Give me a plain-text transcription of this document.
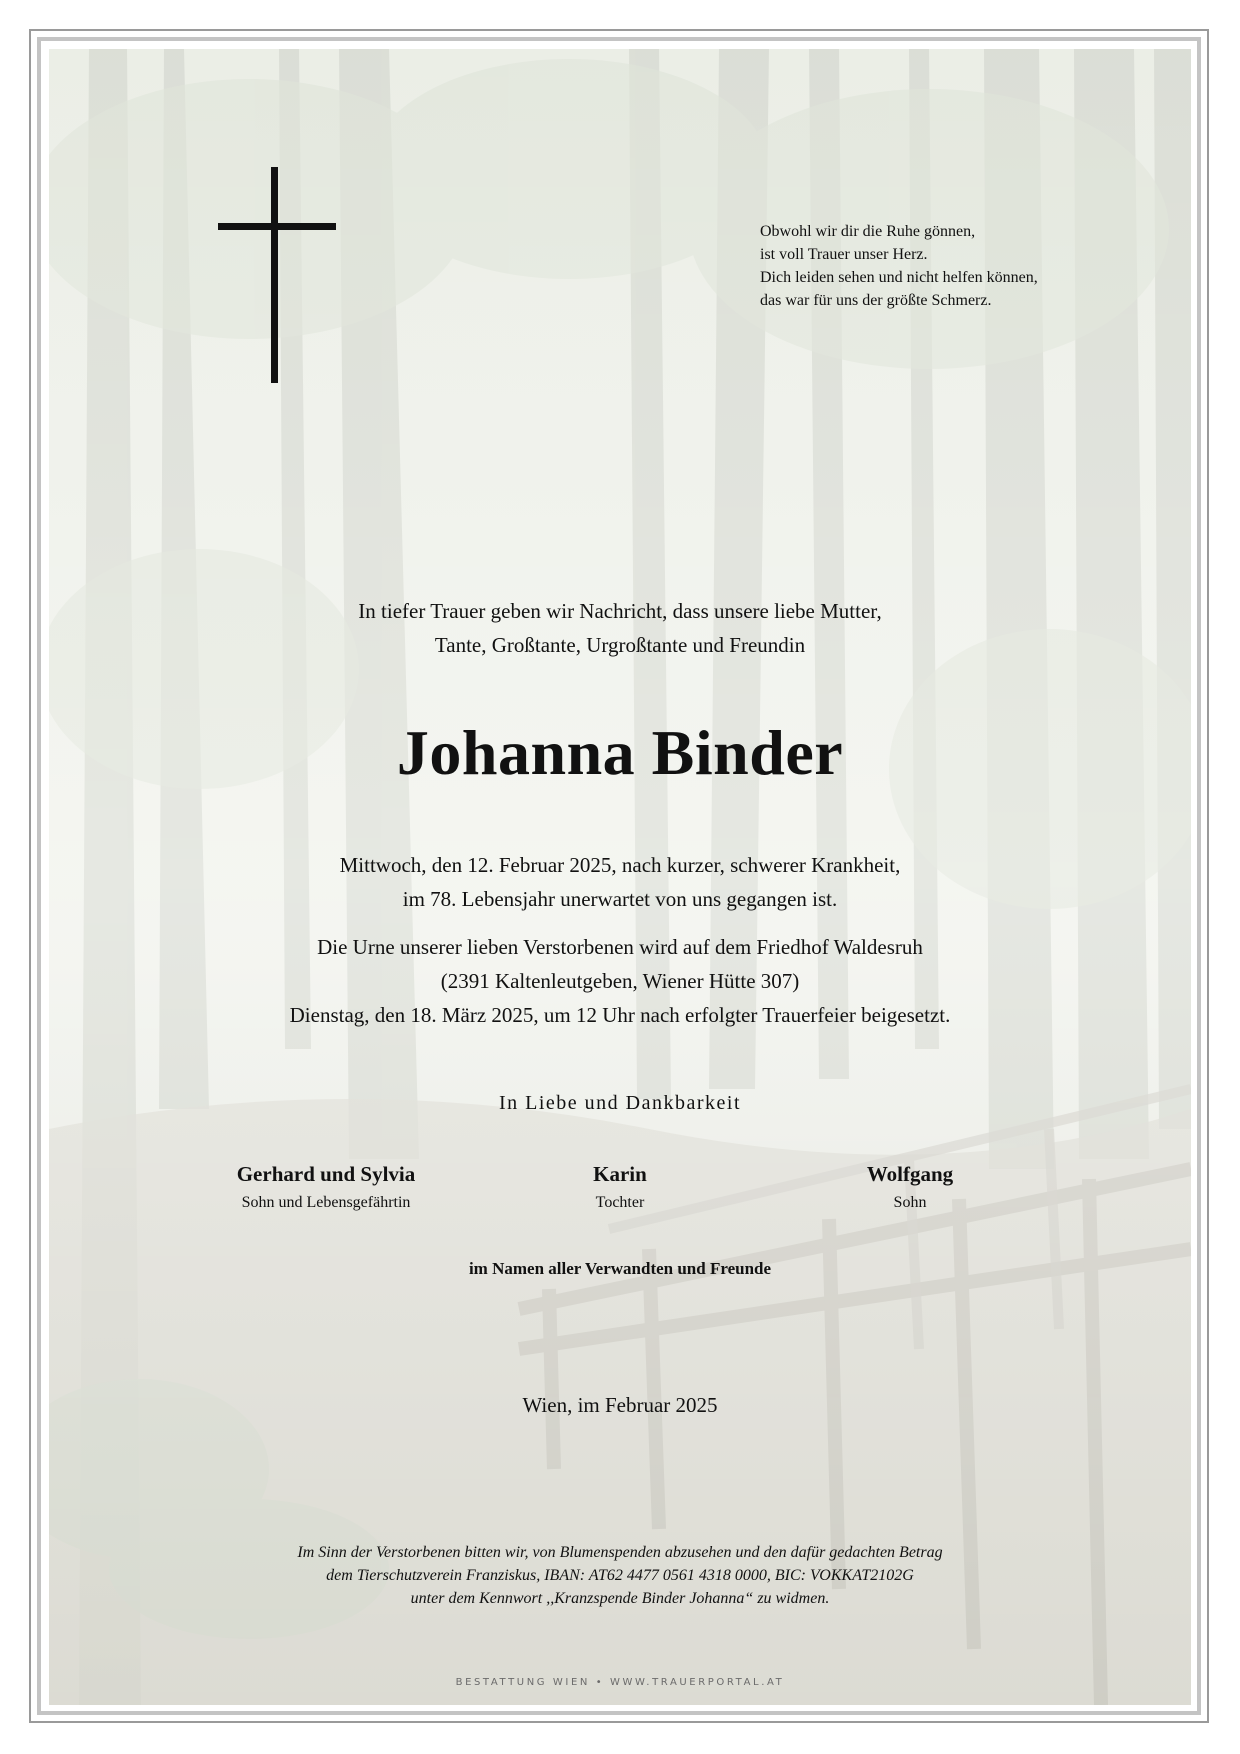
Obwohl wir dir die Ruhe gönnen,
ist voll Trauer unser Herz.
Dich leiden sehen und nicht helfen können,
das war für uns der größte Schmerz.
In tiefer Trauer geben wir Nachricht, dass unsere liebe Mutter,
Tante, Großtante, Urgroßtante und Freundin
Johanna Binder
Mittwoch, den 12. Februar 2025, nach kurzer, schwerer Krankheit,
im 78. Lebensjahr unerwartet von uns gegangen ist.
Die Urne unserer lieben Verstorbenen wird auf dem Friedhof Waldesruh
(2391 Kaltenleutgeben, Wiener Hütte 307)
Dienstag, den 18. März 2025, um 12 Uhr nach erfolgter Trauerfeier beigesetzt.
In Liebe und Dankbarkeit
Gerhard und Sylvia
Sohn und Lebensgefährtin
Karin
Tochter
Wolfgang
Sohn
im Namen aller Verwandten und Freunde
Wien, im Februar 2025
Im Sinn der Verstorbenen bitten wir, von Blumenspenden abzusehen und den dafür gedachten Betrag
dem Tierschutzverein Franziskus, IBAN: AT62 4477 0561 4318 0000, BIC: VOKKAT2102G
unter dem Kennwort ,,Kranzspende Binder Johanna“ zu widmen.
BESTATTUNG WIEN • WWW.TRAUERPORTAL.AT
